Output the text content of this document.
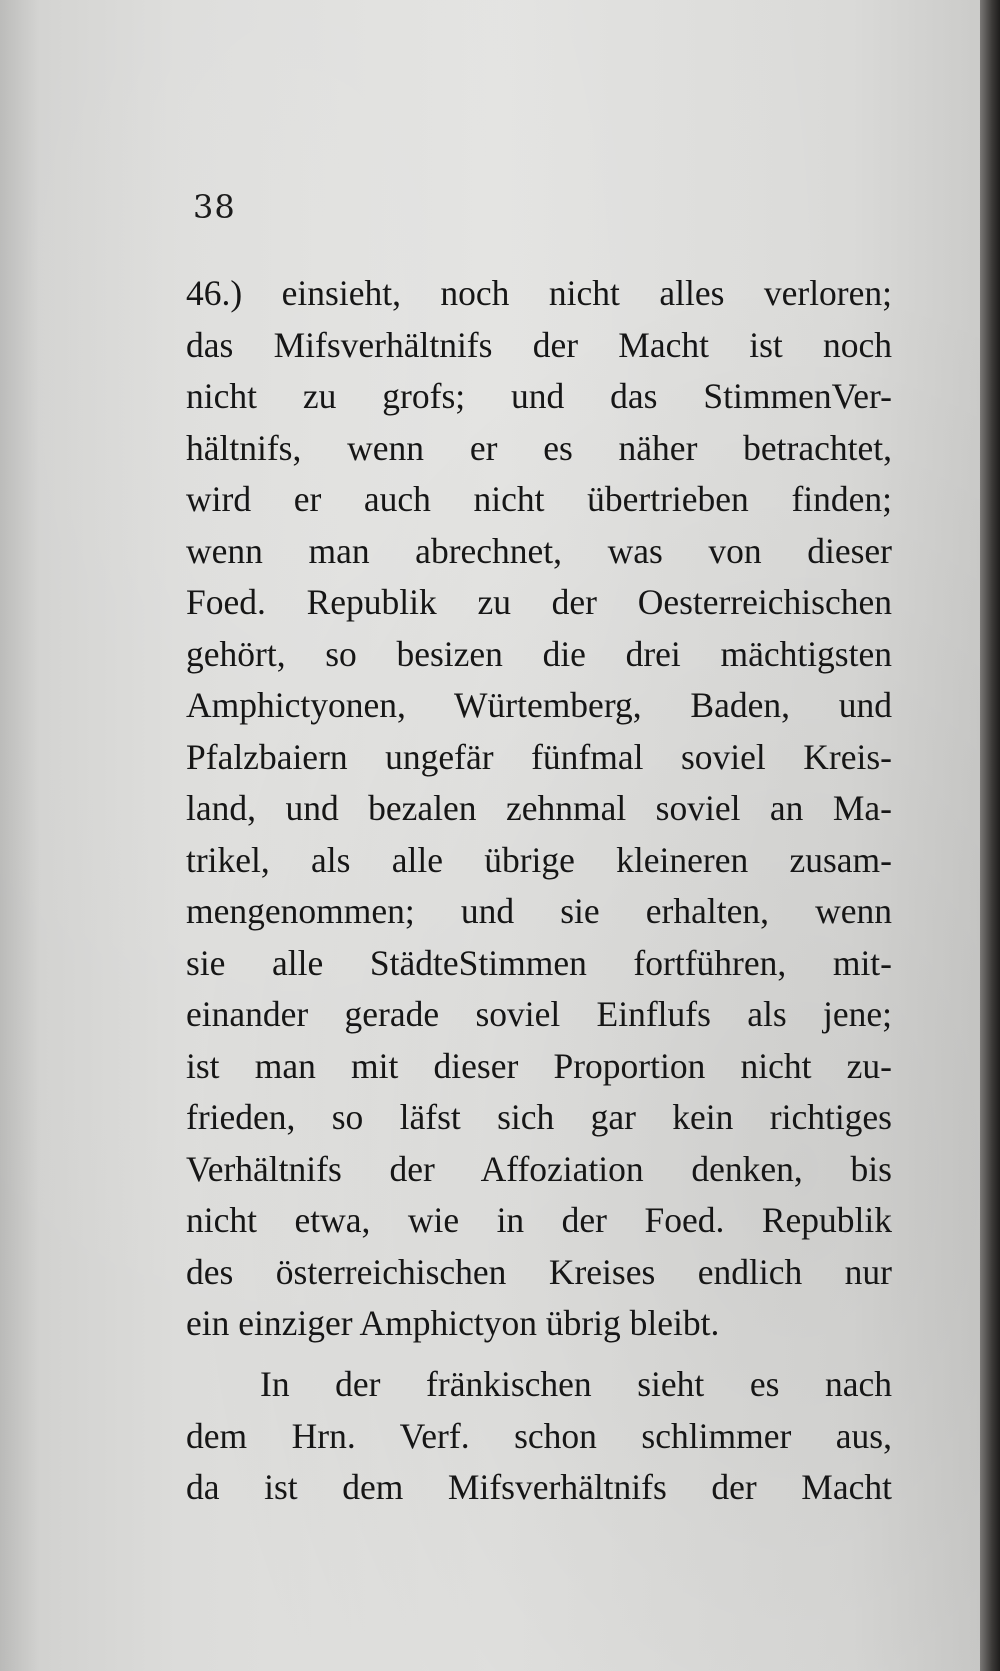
38
46.) einsieht, noch nicht alles verloren;
das Mifsverhältnifs der Macht ist noch
nicht zu grofs; und das StimmenVer-
hältnifs, wenn er es näher betrachtet,
wird er auch nicht übertrieben finden;
wenn man abrechnet, was von dieser
Foed. Republik zu der Oesterreichischen
gehört, so besizen die drei mächtigsten
Amphictyonen, Würtemberg, Baden, und
Pfalzbaiern ungefär fünfmal soviel Kreis-
land, und bezalen zehnmal soviel an Ma-
trikel, als alle übrige kleineren zusam-
mengenommen; und sie erhalten, wenn
sie alle StädteStimmen fortführen, mit-
einander gerade soviel Einflufs als jene;
ist man mit dieser Proportion nicht zu-
frieden, so läfst sich gar kein richtiges
Verhältnifs der Affoziation denken, bis
nicht etwa, wie in der Foed. Republik
des österreichischen Kreises endlich nur
ein einziger Amphictyon übrig bleibt.
In der fränkischen sieht es nach
dem Hrn. Verf. schon schlimmer aus,
da ist dem Mifsverhältnifs der Macht
